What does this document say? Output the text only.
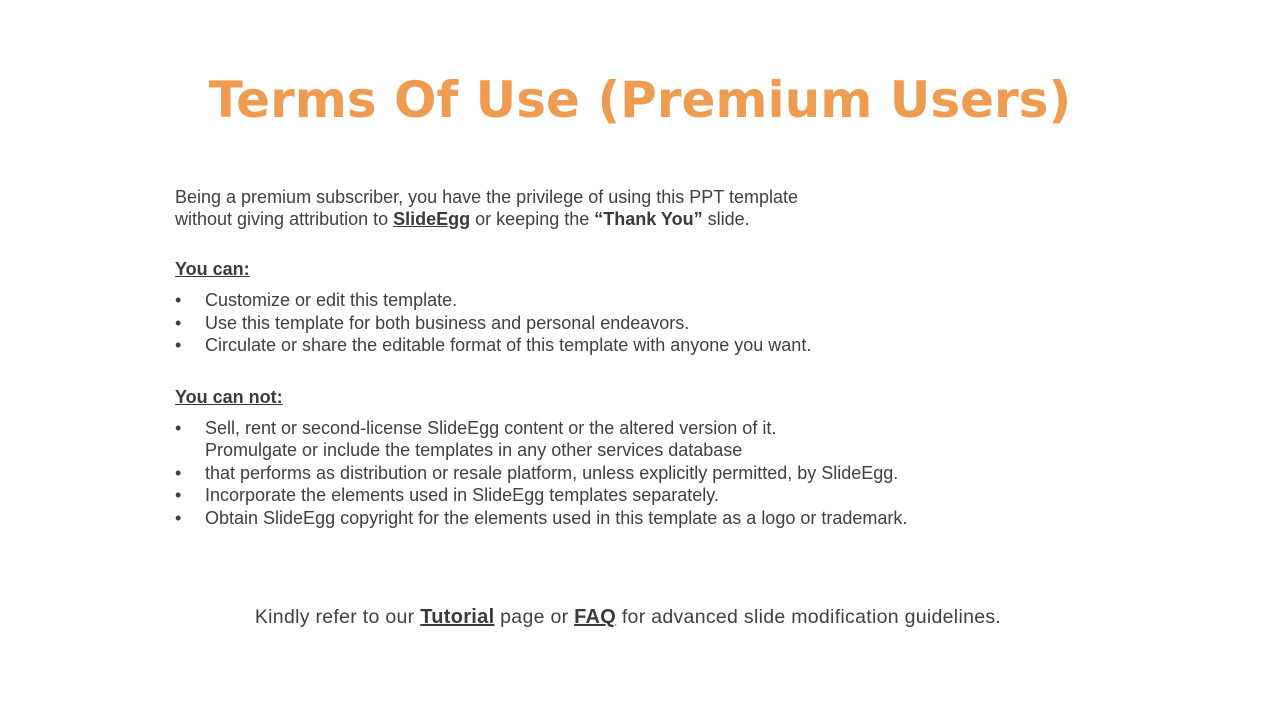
Terms Of Use (Premium Users)

Being a premium subscriber, you have the privilege of using this PPT template
without giving attribution to SlideEgg or keeping the “Thank You” slide.

You can:

• Customize or edit this template.
• Use this template for both business and personal endeavors.
• Circulate or share the editable format of this template with anyone you want.

You can not:

• Sell, rent or second-license SlideEgg content or the altered version of it.
Promulgate or include the templates in any other services database
• that performs as distribution or resale platform, unless explicitly permitted, by SlideEgg.
• Incorporate the elements used in SlideEgg templates separately.
• Obtain SlideEgg copyright for the elements used in this template as a logo or trademark.
Kindly refer to our Tutorial page or FAQ for advanced slide modification guidelines.
